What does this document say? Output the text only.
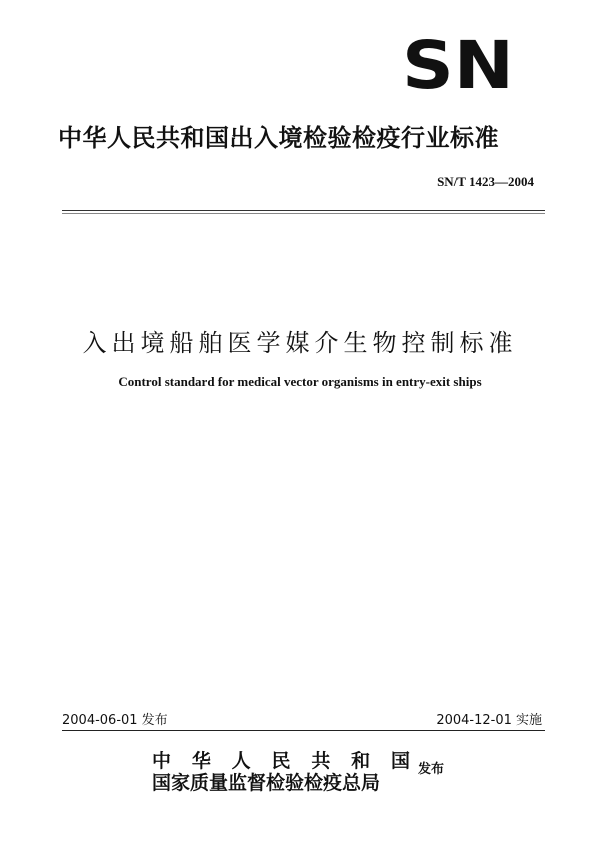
SN
中华人民共和国出入境检验检疫行业标准
SN/T 1423—2004
入出境船舶医学媒介生物控制标准
Control standard for medical vector organisms in entry-exit ships
2004-06-01 发布	2004-12-01 实施
中华人民共和国
国家质量监督检验检疫总局
发布
